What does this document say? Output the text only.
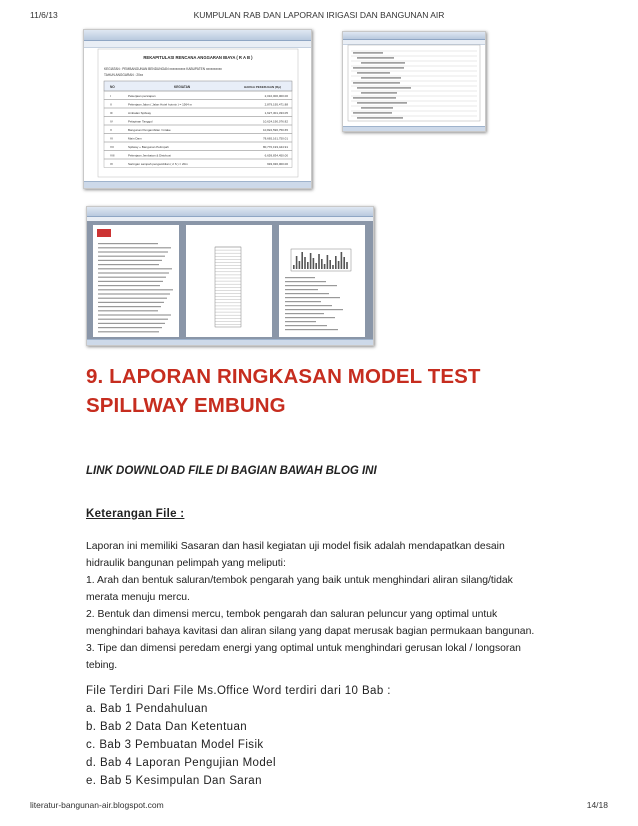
11/6/13	KUMPULAN RAB DAN LAPORAN IRIGASI DAN BANGUNAN AIR
REKAPITULASI RENCANA ANGGARAN BIAYA ( R A B )
KEGIATAN : PEMBANGUNAN BENDUNGAN xxxxxxxxxx KABUPATEN xxxxxxxxxx
TAHUN ANGGARAN : 20xx
NO	KEGIATAN	HARGA PEKERJAAN (Rp)
I	Pekerjaan persiapan	2,010,000,000.00
II	Pekerjaan Jalan ( Jalan Hotel hotmix ) = 1564 m	2,879,195,471.88
III	Ambalan Spilway	1,627,301,333.05
IV	Pelapisan Tanggul	10,624,190,076.82
V	Bangunan Pengambilan / Intake	10,822,596,750.65
VI	Main Dam	78,665,161,750.01
VII	Spilway + Bangunan Pelimpah	80,770,193,444.91
VIII	Pekerjaan Jembatan & Distrbusi	6,659,834,450.00
IX	Saringan sampah pengambilan ( 2 S ) = 20m	993,936,000.00
9. LAPORAN RINGKASAN MODEL TEST SPILLWAY EMBUNG
LINK DOWNLOAD FILE DI BAGIAN BAWAH BLOG INI
Keterangan File :

Laporan ini memiliki Sasaran dan hasil kegiatan uji model fisik adalah mendapatkan desain

hidraulik bangunan pelimpah yang meliputi:

1. Arah dan bentuk saluran/tembok pengarah yang baik untuk menghindari aliran silang/tidak

merata menuju mercu.

2. Bentuk dan dimensi mercu, tembok pengarah dan saluran peluncur yang optimal untuk

menghindari bahaya kavitasi dan aliran silang yang dapat merusak bagian permukaan bangunan.

3. Tipe dan dimensi peredam energi yang optimal untuk menghindari gerusan lokal / longsoran

tebing.

File Terdiri Dari File Ms.Office Word terdiri dari 10 Bab :
a. Bab 1 Pendahuluan
b. Bab 2 Data Dan Ketentuan
c. Bab 3 Pembuatan Model Fisik
d. Bab 4 Laporan Pengujian Model
e. Bab 5 Kesimpulan Dan Saran
literatur-bangunan-air.blogspot.com	14/18
